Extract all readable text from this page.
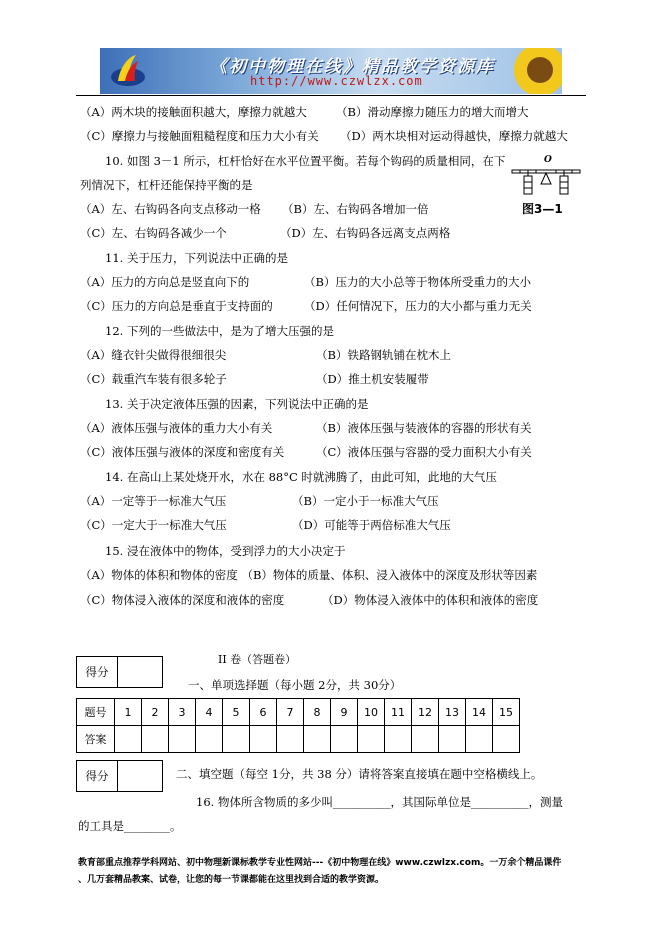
《初中物理在线》精品教学资源库
http://www.czwlzx.com
（A）两木块的接触面积越大，摩擦力就越大	（B）滑动摩擦力随压力的增大而增大
（C）摩擦力与接触面粗糙程度和压力大小有关 （D）两木块相对运动得越快，摩擦力就越大
10. 如图 3－1 所示，杠杆恰好在水平位置平衡。若每个钩码的质量相同，在下
列情况下，杠杆还能保持平衡的是
O
图3—1
（A）左、右钩码各向支点移动一格 （B）左、右钩码各增加一倍
（C）左、右钩码各减少一个	（D）左、右钩码各远离支点两格
11. 关于压力，下列说法中正确的是
（A）压力的方向总是竖直向下的	（B）压力的大小总等于物体所受重力的大小
（C）压力的方向总是垂直于支持面的	（D）任何情况下，压力的大小都与重力无关
12. 下列的一些做法中，是为了增大压强的是
（A）缝衣针尖做得很细很尖	（B）铁路钢轨铺在枕木上
（C）载重汽车装有很多轮子	（D）推土机安装履带
13. 关于决定液体压强的因素，下列说法中正确的是
（A）液体压强与液体的重力大小有关	（B）液体压强与装液体的容器的形状有关
（C）液体压强与液体的深度和密度有关	（C）液体压强与容器的受力面积大小有关
14. 在高山上某处烧开水，水在 88°C 时就沸腾了，由此可知，此地的大气压
（A）一定等于一标准大气压	（B）一定小于一标准大气压
（C）一定大于一标准大气压	（D）可能等于两倍标准大气压
15. 浸在液体中的物体，受到浮力的大小决定于
（A）物体的体积和物体的密度 （B）物体的质量、体积、浸入液体中的深度及形状等因素
（C）物体浸入液体的深度和液体的密度	（D）物体浸入液体中的体积和液体的密度
II 卷（答题卷）
得分	
一、单项选择题（每小题 2分，共 30分）
题号	1	2	3	4	5	6	7	8	9	10	11	12	13	14	15
答案															
得分		二、填空题（每空 1分，共 38 分）请将答案直接填在题中空格横线上。
16. 物体所含物质的多少叫__________，其国际单位是__________，测量
的工具是________。
教育部重点推荐学科网站、初中物理新课标教学专业性网站---《初中物理在线》www.czwlzx.com。一万余个精品课件
、几万套精品教案、试卷，让您的每一节课都能在这里找到合适的教学资源。
